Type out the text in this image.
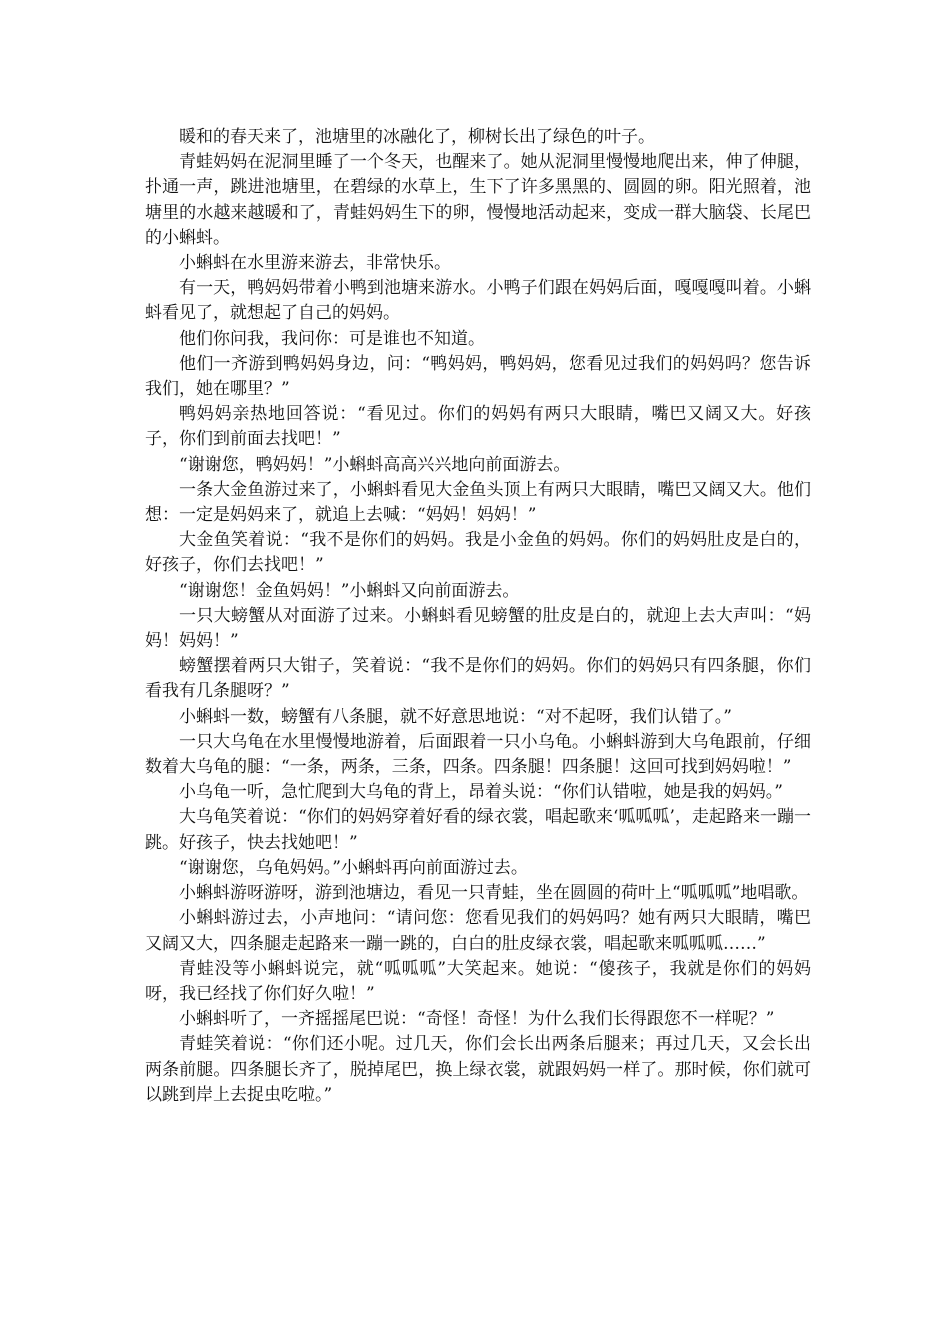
暖和的春天来了，池塘里的冰融化了，柳树长出了绿色的叶子。

青蛙妈妈在泥洞里睡了一个冬天，也醒来了。她从泥洞里慢慢地爬出来，伸了伸腿，扑通一声，跳进池塘里，在碧绿的水草上，生下了许多黑黑的、圆圆的卵。阳光照着，池塘里的水越来越暖和了，青蛙妈妈生下的卵，慢慢地活动起来，变成一群大脑袋、长尾巴的小蝌蚪。

小蝌蚪在水里游来游去，非常快乐。

有一天，鸭妈妈带着小鸭到池塘来游水。小鸭子们跟在妈妈后面，嘎嘎嘎叫着。小蝌蚪看见了，就想起了自己的妈妈。

他们你问我，我问你：可是谁也不知道。

他们一齐游到鸭妈妈身边，问：“鸭妈妈，鸭妈妈，您看见过我们的妈妈吗？您告诉我们，她在哪里？”

鸭妈妈亲热地回答说：“看见过。你们的妈妈有两只大眼睛，嘴巴又阔又大。好孩子，你们到前面去找吧！”

“谢谢您，鸭妈妈！”小蝌蚪高高兴兴地向前面游去。

一条大金鱼游过来了，小蝌蚪看见大金鱼头顶上有两只大眼睛，嘴巴又阔又大。他们想：一定是妈妈来了，就追上去喊：“妈妈！妈妈！”

大金鱼笑着说：“我不是你们的妈妈。我是小金鱼的妈妈。你们的妈妈肚皮是白的，好孩子，你们去找吧！”

“谢谢您！金鱼妈妈！”小蝌蚪又向前面游去。

一只大螃蟹从对面游了过来。小蝌蚪看见螃蟹的肚皮是白的，就迎上去大声叫：“妈妈！妈妈！”

螃蟹摆着两只大钳子，笑着说：“我不是你们的妈妈。你们的妈妈只有四条腿，你们看我有几条腿呀？”

小蝌蚪一数，螃蟹有八条腿，就不好意思地说：“对不起呀，我们认错了。”

一只大乌龟在水里慢慢地游着，后面跟着一只小乌龟。小蝌蚪游到大乌龟跟前，仔细数着大乌龟的腿：“一条，两条，三条，四条。四条腿！四条腿！这回可找到妈妈啦！”

小乌龟一听，急忙爬到大乌龟的背上，昂着头说：“你们认错啦，她是我的妈妈。”

大乌龟笑着说：“你们的妈妈穿着好看的绿衣裳，唱起歌来‘呱呱呱’，走起路来一蹦一跳。好孩子，快去找她吧！”

“谢谢您，乌龟妈妈。”小蝌蚪再向前面游过去。

小蝌蚪游呀游呀，游到池塘边，看见一只青蛙，坐在圆圆的荷叶上“呱呱呱”地唱歌。

小蝌蚪游过去，小声地问：“请问您：您看见我们的妈妈吗？她有两只大眼睛，嘴巴又阔又大，四条腿走起路来一蹦一跳的，白白的肚皮绿衣裳，唱起歌来呱呱呱……”

青蛙没等小蝌蚪说完，就“呱呱呱”大笑起来。她说：“傻孩子，我就是你们的妈妈呀，我已经找了你们好久啦！”

小蝌蚪听了，一齐摇摇尾巴说：“奇怪！奇怪！为什么我们长得跟您不一样呢？”

青蛙笑着说：“你们还小呢。过几天，你们会长出两条后腿来；再过几天，又会长出两条前腿。四条腿长齐了，脱掉尾巴，换上绿衣裳，就跟妈妈一样了。那时候，你们就可以跳到岸上去捉虫吃啦。”
